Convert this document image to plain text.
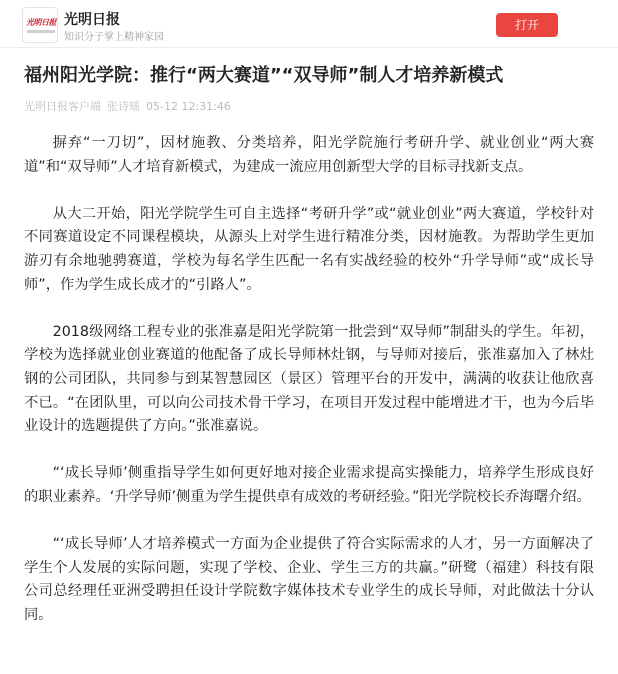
光明日报 光明日报
知识分子掌上精神家园
打开
福州阳光学院：推行“两大赛道”“双导师”制人才培养新模式
光明日报客户端 张诗瑶 05-12 12:31:46

摒弃“一刀切”，因材施教、分类培养，阳光学院施行考研升学、就业创业“两大赛道”和“双导师”人才培育新模式，为建成一流应用创新型大学的目标寻找新支点。

从大二开始，阳光学院学生可自主选择“考研升学”或“就业创业”两大赛道，学校针对不同赛道设定不同课程模块，从源头上对学生进行精准分类，因材施教。为帮助学生更加游刃有余地驰骋赛道，学校为每名学生匹配一名有实战经验的校外“升学导师”或“成长导师”，作为学生成长成才的“引路人”。

2018级网络工程专业的张准嘉是阳光学院第一批尝到“双导师”制甜头的学生。年初，学校为选择就业创业赛道的他配备了成长导师林灶钢，与导师对接后，张准嘉加入了林灶钢的公司团队，共同参与到某智慧园区（景区）管理平台的开发中，满满的收获让他欣喜不已。“在团队里，可以向公司技术骨干学习，在项目开发过程中能增进才干，也为今后毕业设计的选题提供了方向。”张准嘉说。

“‘成长导师’侧重指导学生如何更好地对接企业需求提高实操能力，培养学生形成良好的职业素养。‘升学导师’侧重为学生提供卓有成效的考研经验。”阳光学院校长乔海曙介绍。

“‘成长导师’人才培养模式一方面为企业提供了符合实际需求的人才，另一方面解决了学生个人发展的实际问题，实现了学校、企业、学生三方的共赢。”研鹭（福建）科技有限公司总经理任亚洲受聘担任设计学院数字媒体技术专业学生的成长导师，对此做法十分认同。
